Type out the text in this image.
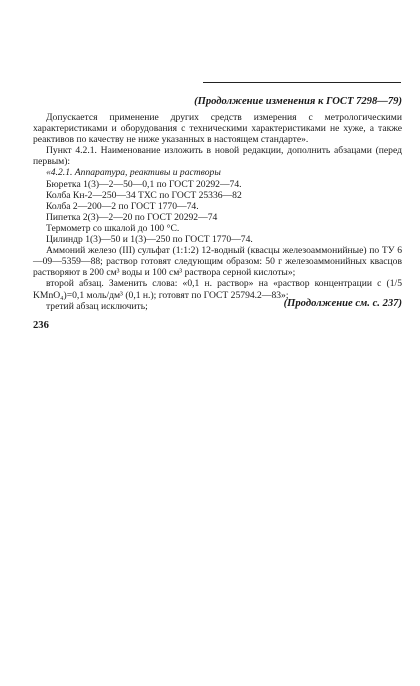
(Продолжение изменения к ГОСТ 7298—79)

Допускается применение других средств измерения с метрологическими характеристиками и оборудования с техническими характеристиками не хуже, а также реактивов по качеству не ниже указанных в настоящем стандарте».

Пункт 4.2.1. Наименование изложить в новой редакции, дополнить абзацами (перед первым):

«4.2.1. Аппаратура, реактивы и растворы

Бюретка 1(3)—2—50—0,1 по ГОСТ 20292—74.

Колба Кн-2—250—34 ТХС по ГОСТ 25336—82

Колба 2—200—2 по ГОСТ 1770—74.

Пипетка 2(3)—2—20 по ГОСТ 20292—74

Термометр со шкалой до 100 °С.

Цилиндр 1(3)—50 и 1(3)—250 по ГОСТ 1770—74.

Аммоний железо (III) сульфат (1:1:2) 12-водный (квасцы железоаммонийные) по ТУ 6—09—5359—88; раствор готовят следующим образом: 50 г железоаммонийных квасцов растворяют в 200 см³ воды и 100 см³ раствора серной кислоты»;

второй абзац. Заменить слова: «0,1 н. раствор» на «раствор концентрации с (1/5 KMnO₄)=0,1 моль/дм³ (0,1 н.); готовят по ГОСТ 25794.2—83»;

третий абзац исключить;	(Продолжение см. с. 237)
236
